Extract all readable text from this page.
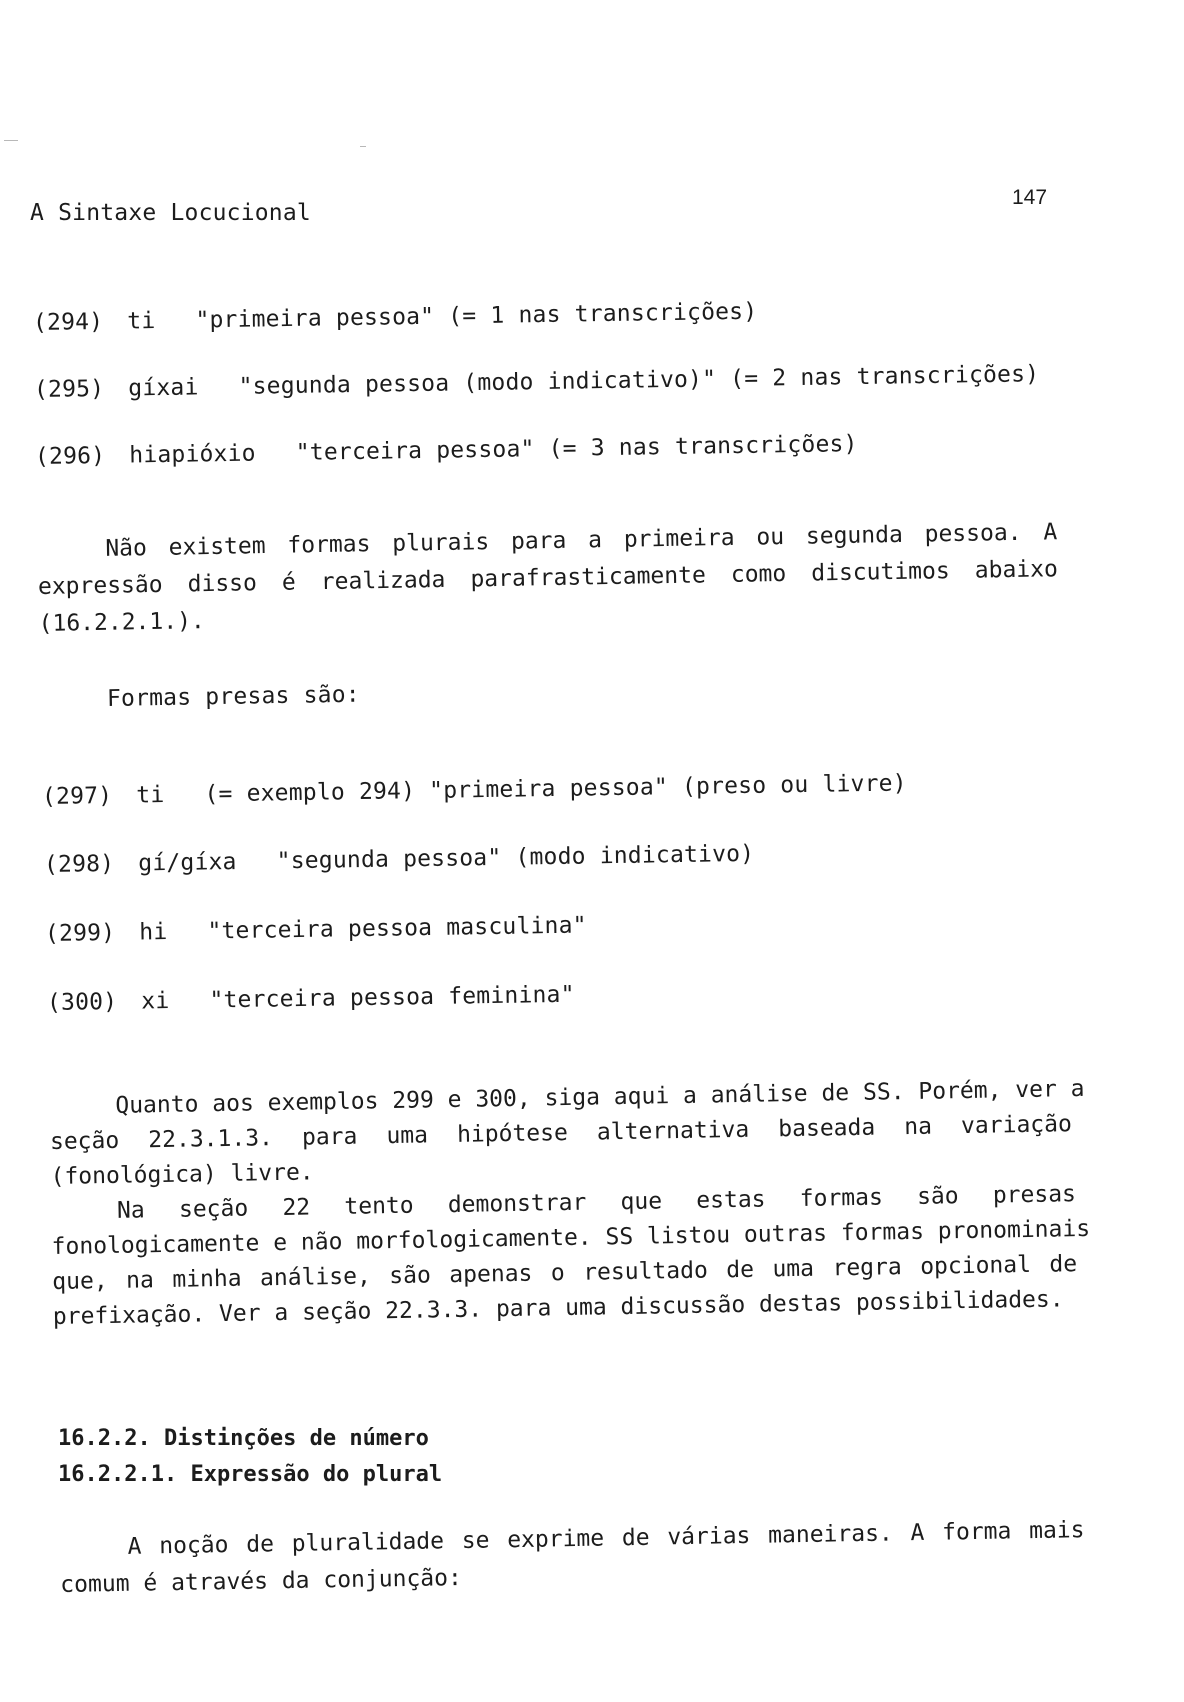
A Sintaxe Locucional
147
(294) ti "primeira pessoa" (= 1 nas transcrições)
(295) gíxai "segunda pessoa (modo indicativo)" (= 2 nas transcrições)
(296) hiapióxio "terceira pessoa" (= 3 nas transcrições)
Não existem formas plurais para a primeira ou segunda pessoa. A
expressão disso é realizada parafrasticamente como discutimos abaixo
(16.2.2.1.).
Formas presas são:
(297) ti (= exemplo 294) "primeira pessoa" (preso ou livre)
(298) gí/gíxa "segunda pessoa" (modo indicativo)
(299) hi "terceira pessoa masculina"
(300) xi "terceira pessoa feminina"
Quanto aos exemplos 299 e 300, siga aqui a análise de SS. Porém, ver a
seção 22.3.1.3. para uma hipótese alternativa baseada na variação
(fonológica) livre.
Na seção 22 tento demonstrar que estas formas são presas
fonologicamente e não morfologicamente. SS listou outras formas pronominais
que, na minha análise, são apenas o resultado de uma regra opcional de
prefixação. Ver a seção 22.3.3. para uma discussão destas possibilidades.
16.2.2. Distinções de número
16.2.2.1. Expressão do plural
A noção de pluralidade se exprime de várias maneiras. A forma mais
comum é através da conjunção:
